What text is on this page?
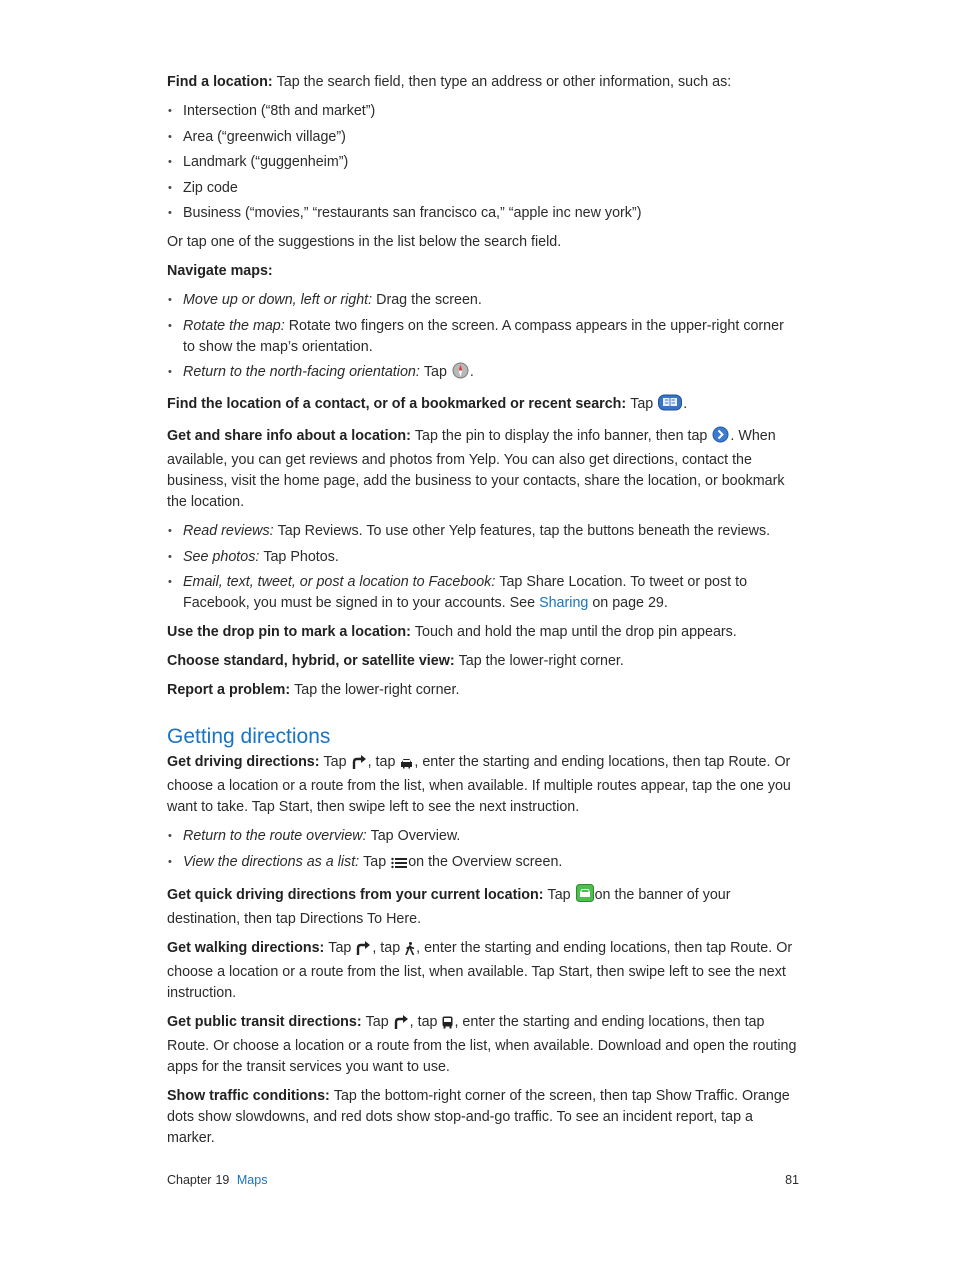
Find a location: Tap the search field, then type an address or other information, such as:

• Intersection (“8th and market”)
• Area (“greenwich village”)
• Landmark (“guggenheim”)
• Zip code
• Business (“movies,” “restaurants san francisco ca,” “apple inc new york”)

Or tap one of the suggestions in the list below the search field.

Navigate maps:

• Move up or down, left or right: Drag the screen.
• Rotate the map: Rotate two fingers on the screen. A compass appears in the upper-right corner to show the map’s orientation.
• Return to the north-facing orientation: Tap .

Find the location of a contact, or of a bookmarked or recent search: Tap .

Get and share info about a location: Tap the pin to display the info banner, then tap . When available, you can get reviews and photos from Yelp. You can also get directions, contact the business, visit the home page, add the business to your contacts, share the location, or bookmark the location.

• Read reviews: Tap Reviews. To use other Yelp features, tap the buttons beneath the reviews.
• See photos: Tap Photos.
• Email, text, tweet, or post a location to Facebook: Tap Share Location. To tweet or post to Facebook, you must be signed in to your accounts. See Sharing on page 29.

Use the drop pin to mark a location: Touch and hold the map until the drop pin appears.

Choose standard, hybrid, or satellite view: Tap the lower-right corner.

Report a problem: Tap the lower-right corner.

Getting directions

Get driving directions: Tap , tap , enter the starting and ending locations, then tap Route. Or choose a location or a route from the list, when available. If multiple routes appear, tap the one you want to take. Tap Start, then swipe left to see the next instruction.

• Return to the route overview: Tap Overview.
• View the directions as a list: Tap on the Overview screen.

Get quick driving directions from your current location: Tap on the banner of your destination, then tap Directions To Here.

Get walking directions: Tap , tap , enter the starting and ending locations, then tap Route. Or choose a location or a route from the list, when available. Tap Start, then swipe left to see the next instruction.

Get public transit directions: Tap , tap , enter the starting and ending locations, then tap Route. Or choose a location or a route from the list, when available. Download and open the routing apps for the transit services you want to use.

Show traffic conditions: Tap the bottom-right corner of the screen, then tap Show Traffic. Orange dots show slowdowns, and red dots show stop-and-go traffic. To see an incident report, tap a marker.

Chapter 19 Maps	81
